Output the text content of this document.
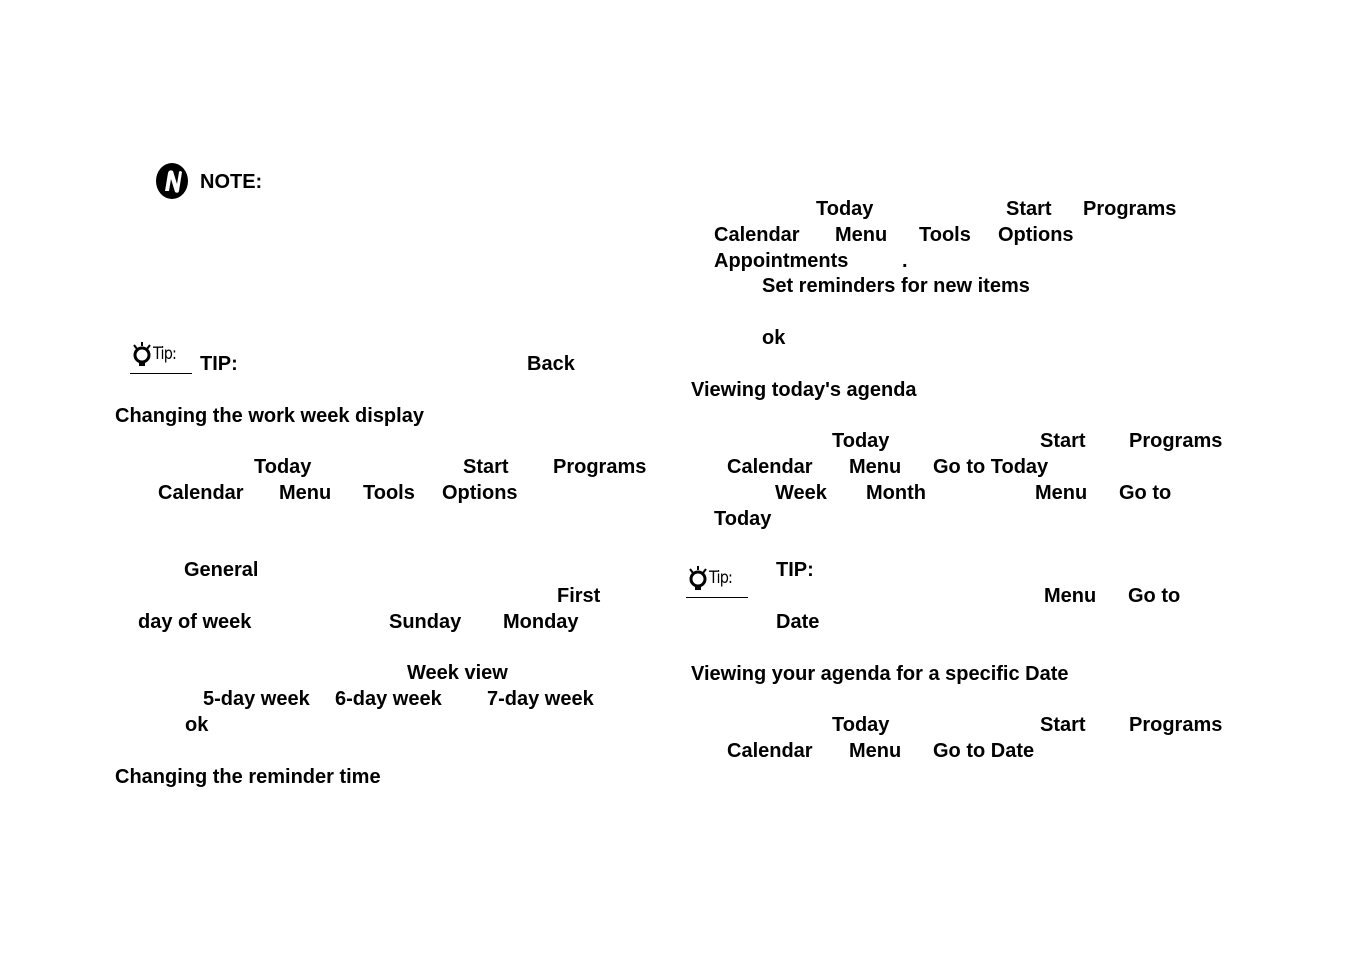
NOTE:
Tip: TIP:	Back
Changing the work week display
Today	Start Programs
Calendar Menu Tools Options
General
First
day of week	Sunday Monday
Week view
5-day week 6-day week 7-day week
ok
Changing the reminder time
Today	Start Programs
Calendar Menu Tools Options
Appointments	.
Set reminders for new items
ok
Viewing today's agenda
Today	Start Programs
Calendar Menu Go to Today
Week Month	Menu Go to
Today
Tip: TIP:
Menu Go to
Date
Viewing your agenda for a specific Date
Today	Start Programs
Calendar Menu Go to Date
